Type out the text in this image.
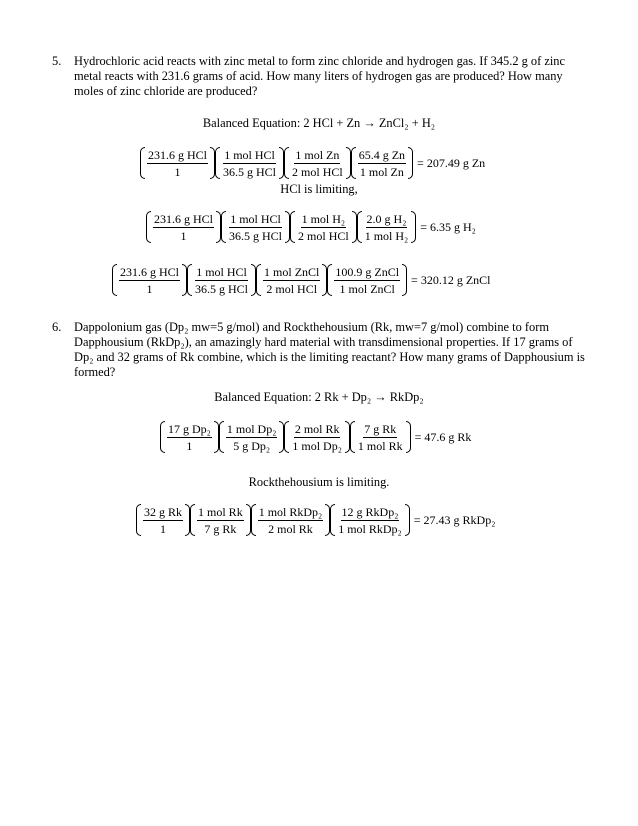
5. Hydrochloric acid reacts with zinc metal to form zinc chloride and hydrogen gas. If 345.2 g of zinc metal reacts with 231.6 grams of acid. How many liters of hydrogen gas are produced? How many moles of zinc chloride are produced?
Balanced Equation: 2 HCl + Zn → ZnCl₂ + H₂
$\frac{\text{231.6 g HCl}}{1} \frac{\text{1 mol HCl}}{\text{36.5 g HCl}} \frac{\text{1 mol Zn}}{\text{2 mol HCl}} \frac{\text{65.4 g Zn}}{\text{1 mol Zn}} = 207.49$ g Zn
HCl is limiting,
$\frac{\text{231.6 g HCl}}{1} \frac{\text{1 mol HCl}}{\text{36.5 g HCl}} \frac{\text{1 mol H₂}}{\text{2 mol HCl}} \frac{\text{2.0 g H₂}}{\text{1 mol H₂}} = 6.35$ g H₂
$\frac{\text{231.6 g HCl}}{1} \frac{\text{1 mol HCl}}{\text{36.5 g HCl}} \frac{\text{1 mol ZnCl}}{\text{2 mol HCl}} \frac{\text{100.9 g ZnCl}}{\text{1 mol ZnCl}} = 320.12$ g ZnCl
6. Dappolonium gas (Dp₂ mw=5 g/mol) and Rockthehousium (Rk, mw=7 g/mol) combine to form Dapphousium (RkDp₂), an amazingly hard material with transdimensional properties. If 17 grams of Dp₂ and 32 grams of Rk combine, which is the limiting reactant? How many grams of Dapphousium is formed?
Balanced Equation: 2 Rk + Dp₂ → RkDp₂
$\frac{\text{17 g Dp₂}}{1} \frac{\text{1 mol Dp₂}}{\text{5 g Dp₂}} \frac{\text{2 mol Rk}}{\text{1 mol Dp₂}} \frac{\text{7 g Rk}}{\text{1 mol Rk}} = 47.6$ g Rk
Rockthehousium is limiting.
$\frac{\text{32 g Rk}}{1} \frac{\text{1 mol Rk}}{\text{7 g Rk}} \frac{\text{1 mol RkDp₂}}{\text{2 mol Rk}} \frac{\text{12 g RkDp₂}}{\text{1 mol RkDp₂}} = 27.43$ g RkDp₂
